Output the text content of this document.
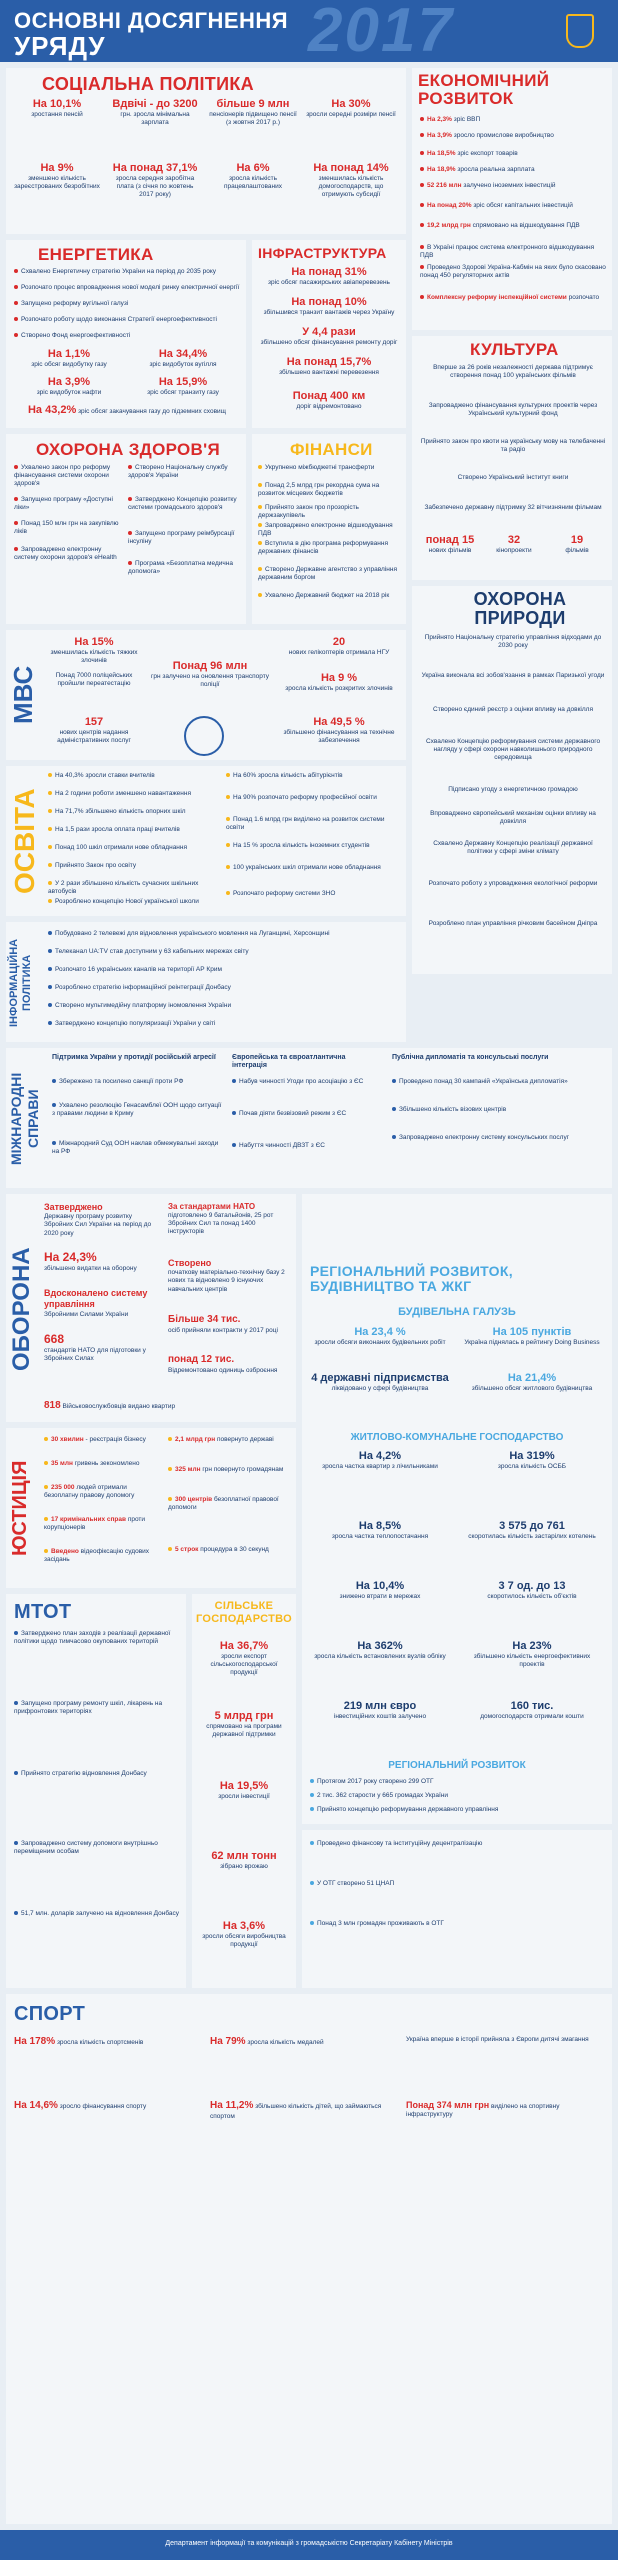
2017
ОСНОВНІ ДОСЯГНЕННЯ
УРЯДУ
СОЦІАЛЬНА ПОЛІТИКА
На 10,1%
зростання пенсій
Вдвічі - до 3200
грн. зросла мінімальна зарплата
більше 9 млн
пенсіонерів підвищено пенсії (з жовтня 2017 р.)
На 30%
зросли середні розміри пенсії
На 9%
зменшено кількість зареєстрованих безробітних
На понад 37,1%
зросла середня заробітна плата (з січня по жовтень 2017 року)
На 6%
зросла кількість працевлаштованих
На понад 14%
зменшилась кількість домогосподарств, що отримують субсидії
ЕКОНОМІЧНИЙ РОЗВИТОК
На 2,3% зріс ВВП
На 3,9% зросло промислове виробництво
На 18,5% зріс експорт товарів
На 18,9% зросла реальна зарплата
52 216 млн залучено іноземних інвестицій
На понад 20% зріс обсяг капітальних інвестицій
19,2 млрд грн спрямовано на відшкодування ПДВ
В Україні працює система електронного відшкодування ПДВ
Проведено Здорові Україна-Кабмін на яких було скасовано понад 450 регуляторних актів
Комплексну реформу інспекційної системи розпочато
ЕНЕРГЕТИКА
Схвалено Енергетичну стратегію України на період до 2035 року
Розпочато процес впровадження нової моделі ринку електричної енергії
Запущено реформу вугільної галузі
Розпочато роботу щодо виконання Стратегії енергоефективності
Створено Фонд енергоефективності
На 1,1%
зріс обсяг видобутку газу
На 34,4%
зріс видобуток вугілля
На 3,9%
зріс видобуток нафти
На 15,9%
зріс обсяг транзиту газу
На 43,2% зріс обсяг закачування газу до підземних сховищ
ІНФРАСТРУКТУРА
На понад 31%
зріс обсяг пасажирських авіаперевезень
На понад 10%
збільшився транзит вантажів через Україну
У 4,4 рази
збільшено обсяг фінансування ремонту доріг
На понад 15,7%
збільшено вантажні перевезення
Понад 400 км
доріг відремонтовано
КУЛЬТУРА
Вперше за 26 років незалежності держава підтримує створення понад 100 українських фільмів
Запроваджено фінансування культурних проектів через Український культурний фонд
Прийнято закон про квоти на українську мову на телебаченні та радіо
Створено Український інститут книги
Забезпечено державну підтримку 32 вітчизняним фільмам
понад 15
нових фільмів
32
кінопроекти
19
фільмів
ОХОРОНА ЗДОРОВ'Я
Ухвалено закон про реформу фінансування системи охорони здоров'я
Запущено програму «Доступні ліки»
Понад 150 млн грн на закупівлю ліків
Запроваджено електронну систему охорони здоров'я eHealth
Створено Національну службу здоров'я України
Затверджено Концепцію розвитку системи громадського здоров'я
Запущено програму реімбурсації інсуліну
Програма «Безоплатна медична допомога»
ФІНАНСИ
Укрупнено міжбюджетні трансферти
Понад 2,5 млрд грн рекордна сума на розвиток місцевих бюджетів
Прийнято закон про прозорість держзакупівель
Запроваджено електронне відшкодування ПДВ
Вступила в дію програма реформування державних фінансів
Створено Державне агентство з управління державним боргом
Ухвалено Державний бюджет на 2018 рік	ОХОРОНА ПРИРОДИ
Прийнято Національну стратегію управління відходами до 2030 року
Україна виконала всі зобов'язання в рамках Паризької угоди
Створено єдиний реєстр з оцінки впливу на довкілля
Схвалено Концепцію реформування системи державного нагляду у сфері охорони навколишнього природного середовища
Підписано угоду з енергетичною громадою
Впроваджено європейський механізм оцінки впливу на довкілля
Схвалено Державну Концепцію реалізації державної політики у сфері зміни клімату
Розпочато роботу з упровадження екологічної реформи
Розроблено план управління річковим басейном Дніпра
МВС
На 15%
зменшилась кількість тяжких злочинів
Понад 7000 поліцейських пройшли переатестацію
Понад 96 млн
грн залучено на оновлення транспорту поліції
20
нових гелікоптерів отримала НГУ
157
нових центрів надання адміністративних послуг
На 9 %
зросла кількість розкритих злочинів
На 49,5 %
збільшено фінансування на технічне забезпечення
ОСВІТА
На 40,3% зросли ставки вчителів
На 2 години роботи зменшено навантаження
На 71,7% збільшено кількість опорних шкіл
На 1,5 рази зросла оплата праці вчителів
Понад 100 шкіл отримали нове обладнання
Прийнято Закон про освіту
У 2 рази збільшено кількість сучасних шкільних автобусів
Розроблено концепцію Нової української школи
На 60% зросла кількість абітурієнтів
На 90% розпочато реформу професійної освіти
Понад 1.6 млрд грн виділено на розвиток системи освіти
На 15 % зросла кількість іноземних студентів
100 українських шкіл отримали нове обладнання
Розпочато реформу системи ЗНО
ІНФОРМАЦІЙНА ПОЛІТИКА
Побудовано 2 телевежі для відновлення українського мовлення на Луганщині, Херсонщині
Телеканал UA:TV став доступним у 63 кабельних мережах світу
Розпочато 16 українських каналів на території АР Крим
Розроблено стратегію інформаційної реінтеграції Донбасу
Створено мультимедійну платформу іномовлення України
Затверджено концепцію популяризації України у світі
МІЖНАРОДНІ СПРАВИ
Підтримка України у протидії російській агресії
Збережено та посилено санкції проти РФ
Ухвалено резолюцію Генасамблеї ООН щодо ситуації з правами людини в Криму
Міжнародний Суд ООН наклав обмежувальні заходи на РФ
Європейська та євроатлантична інтеграція
Набув чинності Угоди про асоціацію з ЄС
Почав діяти безвізовий режим з ЄС
Набуття чинності ДВЗТ з ЄС
Публічна дипломатія та консульські послуги
Проведено понад 30 кампаній «Українська дипломатія»
Збільшено кількість візових центрів
Запроваджено електронну систему консульських послуг
ОБОРОНА
Затверджено
Державну програму розвитку Збройних Сил України на період до 2020 року
На 24,3%
збільшено видатки на оборону
Вдосконалено систему управління
Збройними Силами України
668
стандартів НАТО для підготовки у Збройних Силах
818 Військовослужбовців видано квартир
За стандартами НАТО
підготовлено 9 батальйонів, 25 рот Збройних Сил та понад 1400 інструкторів
Створено
початкову матеріально-технічну базу 2 нових та відновлено 9 існуючих навчальних центрів
Більше 34 тис.
осіб прийняли контракти у 2017 році
понад 12 тис.
Відремонтовано одиниць озброєння
РЕГІОНАЛЬНИЙ РОЗВИТОК, БУДІВНИЦТВО ТА ЖКГ
БУДІВЕЛЬНА ГАЛУЗЬ
На 23,4 %
зросли обсяги виконаних будівельних робіт
На 105 пунктів
Україна піднялась в рейтингу Doing Business
4 державні підприємства
ліквідовано у сфері будівництва
На 21,4%
збільшено обсяг житлового будівництва
ЖИТЛОВО-КОМУНАЛЬНЕ ГОСПОДАРСТВО
На 4,2%
зросла частка квартир з лічильниками
На 319%
зросла кількість ОСББ
На 8,5%
зросла частка теплопостачання
3 575 до 761
скоротилась кількість застарілих котелень
На 10,4%
знижено втрати в мережах
3 7 од. до 13
скоротилось кількість об'єктів
На 362%
зросла кількість встановлених вузлів обліку
На 23%
збільшено кількість енергоефективних проектів
219 млн євро
інвестиційних коштів залучено
160 тис.
домогосподарств отримали кошти
РЕГІОНАЛЬНИЙ РОЗВИТОК
ЮСТИЦІЯ
30 хвилин - реєстрація бізнесу
35 млн гривень зекономлено
235 000 людей отримали безоплатну правову допомогу
17 кримінальних справ проти корупціонерів
Введено відеофіксацію судових засідань
2,1 млрд грн повернуто державі
325 млн грн повернуто громадянам
300 центрів безоплатної правової допомоги
5 строк процедура в 30 секунд
МТОТ
Затверджено план заходів з реалізації державної політики щодо тимчасово окупованих територій
Запущено програму ремонту шкіл, лікарень на прифронтових територіях
Прийнято стратегію відновлення Донбасу
Запроваджено систему допомоги внутрішньо переміщеним особам
51,7 млн. доларів залучено на відновлення Донбасу
СІЛЬСЬКЕ ГОСПОДАРСТВО
На 36,7%
зросли експорт сільськогосподарської продукції
5 млрд грн
спрямовано на програми державної підтримки
На 19,5%
зросли інвестиції
62 млн тонн
зібрано врожаю
На 3,6%
зросли обсяги виробництва продукції
Протягом 2017 року створено 299 ОТГ
2 тис. 362 старости у 665 громадах України
Прийнято концепцію реформування державного управління
Проведено фінансову та інституційну децентралізацію
У ОТГ створено 51 ЦНАП
Понад 3 млн громадян проживають в ОТГ
СПОРТ
На 178% зросла кількість спортсменів	На 79% зросла кількість медалей
На 11,2% збільшено кількість дітей, що займаються спортом
Понад 374 млн грн виділено на спортивну інфраструктуру
На 14,6% зросло фінансування спорту
Україна вперше в історії прийняла з Європи дитячі змагання
Департамент інформації та комунікацій з громадськістю Секретаріату Кабінету Міністрів
